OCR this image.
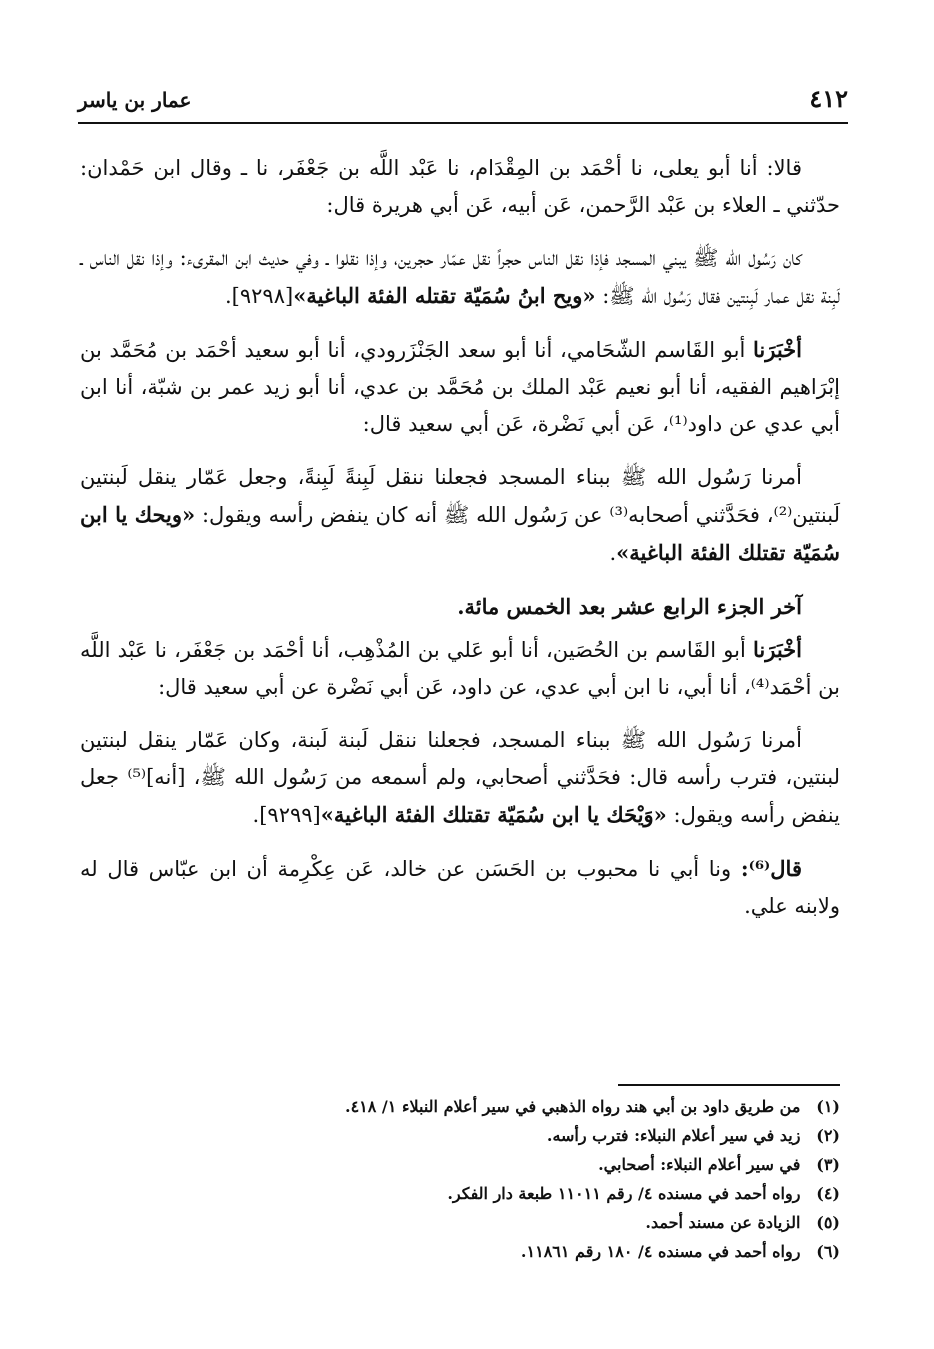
٤١٢
عمار بن ياسر

قالا: أنا أبو يعلى، نا أحْمَد بن المِقْدَام، نا عَبْد اللَّه بن جَعْفَر، نا ـ وقال ابن حَمْدان: حدّثني ـ العلاء بن عَبْد الرَّحمن، عَن أبيه، عَن أبي هريرة قال:

كان رَسُول الله ﷺ يبني المسجد فإذا نقل الناس حجراً نقل عمّار حجرين، وإذا نقلوا ـ وفي حديث ابن المقرىء: وإذا نقل الناس ـ لَبِنة نقل عمار لَبِنتين فقال رَسُول الله ﷺ: «ويح ابنُ سُمَيّة تقتله الفئة الباغية»[٩٢٩٨].

أخْبَرَنا أبو القَاسم الشّحَامي، أنا أبو سعد الجَنْزَرودي، أنا أبو سعيد أحْمَد بن مُحَمَّد بن إبْرَاهيم الفقيه، أنا أبو نعيم عَبْد الملك بن مُحَمَّد بن عدي، أنا أبو زيد عمر بن شبّة، أنا ابن أبي عدي عن داود⁽¹⁾، عَن أبي نَضْرة، عَن أبي سعيد قال:

أمرنا رَسُول الله ﷺ ببناء المسجد فجعلنا ننقل لَبِنةً لَبِنةً، وجعل عَمّار ينقل لَبنتين لَبنتين⁽²⁾، فحَدَّثني أصحابه⁽³⁾ عن رَسُول الله ﷺ أنه كان ينفض رأسه ويقول: «ويحك يا ابن سُمَيّة تقتلك الفئة الباغية».

آخر الجزء الرابع عشر بعد الخمس مائة.

أخْبَرَنا أبو القَاسم بن الحُصَين، أنا أبو عَلي بن المُذْهِب، أنا أحْمَد بن جَعْفَر، نا عَبْد اللَّه بن أحْمَد⁽⁴⁾، أنا أبي، نا ابن أبي عدي، عن داود، عَن أبي نَضْرة عن أبي سعيد قال:

أمرنا رَسُول الله ﷺ ببناء المسجد، فجعلنا ننقل لَبنة لَبنة، وكان عَمّار ينقل لبنتين لبنتين، فترب رأسه قال: فحَدَّثني أصحابي، ولم أسمعه من رَسُول الله ﷺ، [أنه]⁽⁵⁾ جعل ينفض رأسه ويقول: «وَيْحَك يا ابن سُمَيّة تقتلك الفئة الباغية»[٩٢٩٩].

قال⁽⁶⁾: ونا أبي نا محبوب بن الحَسَن عن خالد، عَن عِكْرِمة أن ابن عبّاس قال له ولابنه علي.

(١) من طريق داود بن أبي هند رواه الذهبي في سير أعلام النبلاء ١/ ٤١٨.
(٢) زيد في سير أعلام النبلاء: فترب رأسه.
(٣) في سير أعلام النبلاء: أصحابي.
(٤) رواه أحمد في مسنده ٤/ رقم ١١٠١١ طبعة دار الفكر.
(٥) الزيادة عن مسند أحمد.
(٦) رواه أحمد في مسنده ٤/ ١٨٠ رقم ١١٨٦١.
